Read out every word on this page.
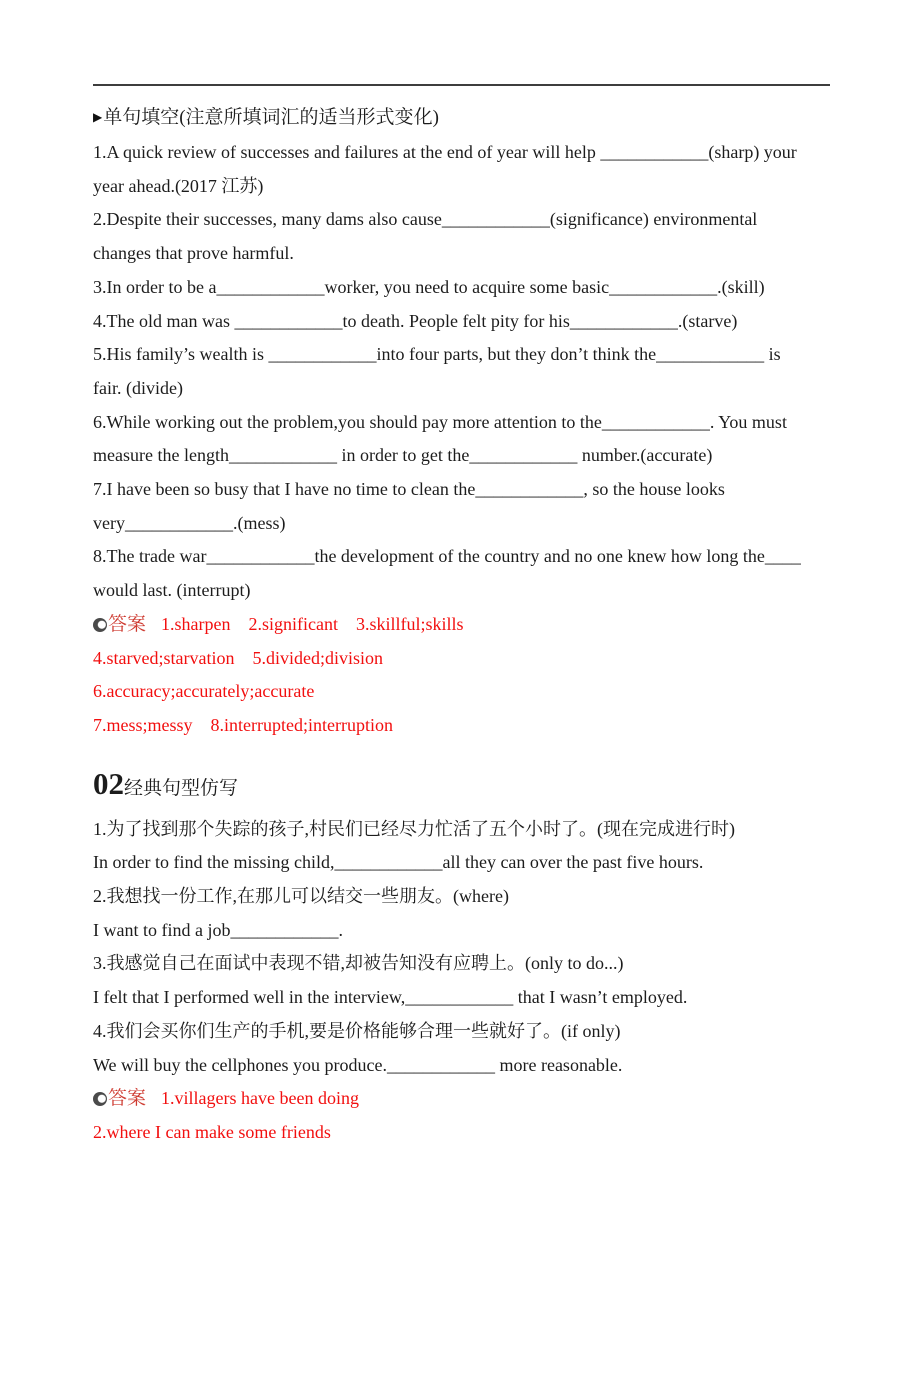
▶单句填空(注意所填词汇的适当形式变化)

1.A quick review of successes and failures at the end of year will help ____________(sharp) your

year ahead.(2017 江苏)

2.Despite their successes, many dams also cause____________(significance) environmental

changes that prove harmful.

3.In order to be a____________worker, you need to acquire some basic____________.(skill)

4.The old man was ____________to death. People felt pity for his____________.(starve)

5.His family’s wealth is ____________into four parts, but they don’t think the____________ is

fair. (divide)

6.While working out the problem,you should pay more attention to the____________. You must

measure the length____________ in order to get the____________ number.(accurate)

7.I have been so busy that I have no time to clean the____________, so the house looks

very____________.(mess)

8.The trade war____________the development of the country and no one knew how long the____

would last. (interrupt)

答案 1.sharpen    2.significant    3.skillful;skills

4.starved;starvation    5.divided;division

6.accuracy;accurately;accurate

7.mess;messy    8.interrupted;interruption

02经典句型仿写

1.为了找到那个失踪的孩子,村民们已经尽力忙活了五个小时了。(现在完成进行时)

In order to find the missing child,____________all they can over the past five hours.

2.我想找一份工作,在那儿可以结交一些朋友。(where)

I want to find a job____________.

3.我感觉自己在面试中表现不错,却被告知没有应聘上。(only to do...)

I felt that I performed well in the interview,____________ that I wasn’t employed.

4.我们会买你们生产的手机,要是价格能够合理一些就好了。(if only)

We will buy the cellphones you produce.____________ more reasonable.

答案 1.villagers have been doing

2.where I can make some friends
